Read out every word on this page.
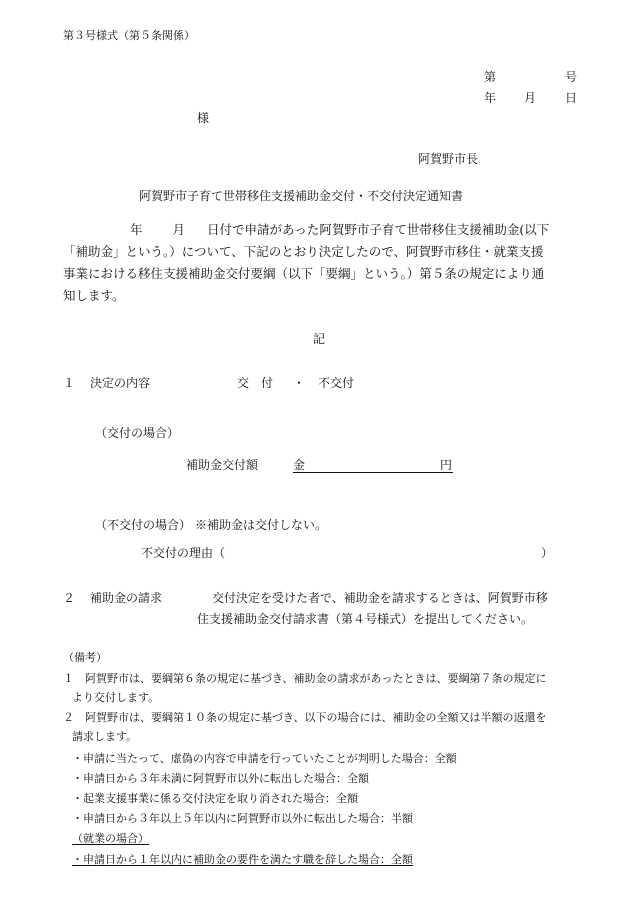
第３号様式（第５条関係）
第	号
年 月 日
様
阿賀野市長
阿賀野市子育て世帯移住支援補助金交付・不交付決定通知書
年 月 日付で申請があった阿賀野市子育て世帯移住支援補助金(以下
「補助金」という。）について、下記のとおり決定したので、阿賀野市移住・就業支援
事業における移住支援補助金交付要綱（以下「要綱」という。）第５条の規定により通
知します。
記
１ 決定の内容	交　付 ・ 不交付
（交付の場合）
補助金交付額	金	円
（不交付の場合） ※補助金は交付しない。
不交付の理由（	）
２ 補助金の請求	交付決定を受けた者で、補助金を請求するときは、阿賀野市移
住支援補助金交付請求書（第４号様式）を提出してください。
（備考）
１ 阿賀野市は、要綱第６条の規定に基づき、補助金の請求があったときは、要綱第７条の規定に
より交付します。
２ 阿賀野市は、要綱第１０条の規定に基づき、以下の場合には、補助金の全額又は半額の返還を
請求します。
・申請に当たって、虚偽の内容で申請を行っていたことが判明した場合：全額
・申請日から３年未満に阿賀野市以外に転出した場合：全額
・起業支援事業に係る交付決定を取り消された場合：全額
・申請日から３年以上５年以内に阿賀野市以外に転出した場合：半額
（就業の場合）
・申請日から１年以内に補助金の要件を満たす職を辞した場合：全額
